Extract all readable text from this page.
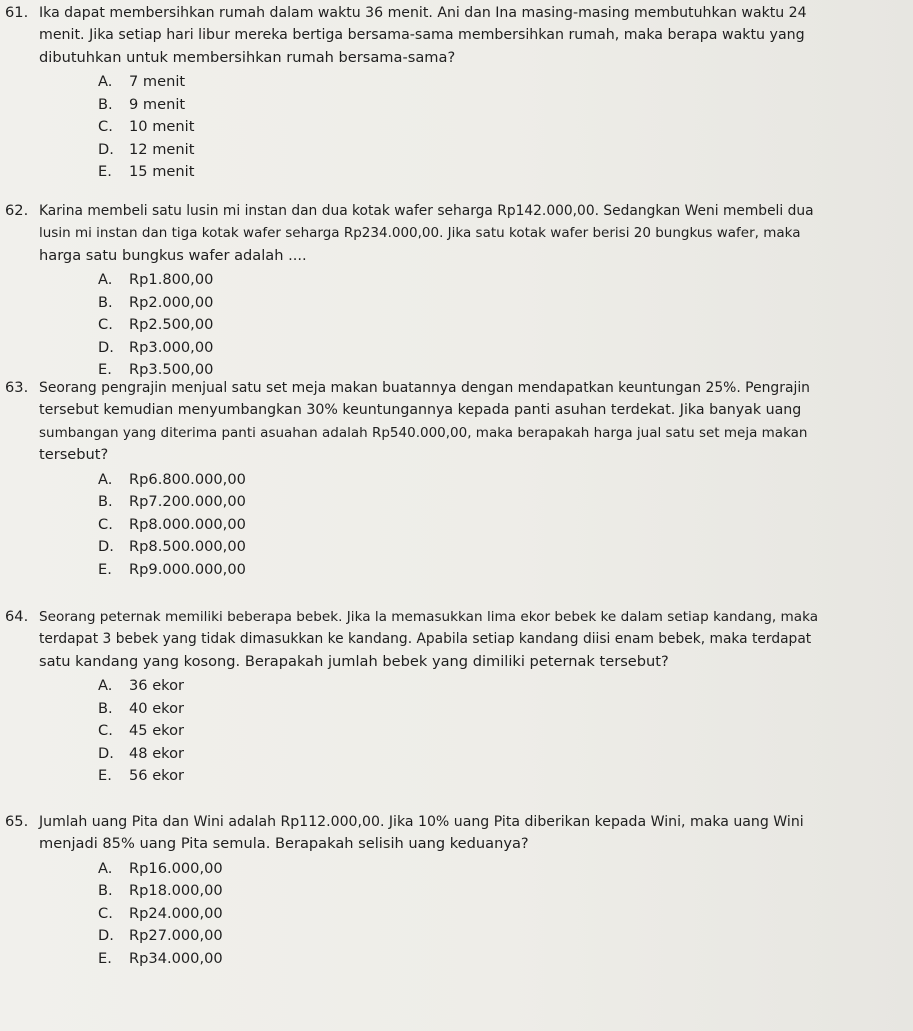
61. Ika dapat membersihkan rumah dalam waktu 36 menit. Ani dan Ina masing-masing membutuhkan waktu 24
menit. Jika setiap hari libur mereka bertiga bersama-sama membersihkan rumah, maka berapa waktu yang
dibutuhkan untuk membersihkan rumah bersama-sama?
A. 7 menit
B. 9 menit
C. 10 menit
D. 12 menit
E. 15 menit
62. Karina membeli satu lusin mi instan dan dua kotak wafer seharga Rp142.000,00. Sedangkan Weni membeli dua
lusin mi instan dan tiga kotak wafer seharga Rp234.000,00. Jika satu kotak wafer berisi 20 bungkus wafer, maka
harga satu bungkus wafer adalah ....
A. Rp1.800,00
B. Rp2.000,00
C. Rp2.500,00
D. Rp3.000,00
E. Rp3.500,00
63. Seorang pengrajin menjual satu set meja makan buatannya dengan mendapatkan keuntungan 25%. Pengrajin
tersebut kemudian menyumbangkan 30% keuntungannya kepada panti asuhan terdekat. Jika banyak uang
sumbangan yang diterima panti asuahan adalah Rp540.000,00, maka berapakah harga jual satu set meja makan
tersebut?
A. Rp6.800.000,00
B. Rp7.200.000,00
C. Rp8.000.000,00
D. Rp8.500.000,00
E. Rp9.000.000,00
64. Seorang peternak memiliki beberapa bebek. Jika la memasukkan lima ekor bebek ke dalam setiap kandang, maka
terdapat 3 bebek yang tidak dimasukkan ke kandang. Apabila setiap kandang diisi enam bebek, maka terdapat
satu kandang yang kosong. Berapakah jumlah bebek yang dimiliki peternak tersebut?
A. 36 ekor
B. 40 ekor
C. 45 ekor
D. 48 ekor
E. 56 ekor
65. Jumlah uang Pita dan Wini adalah Rp112.000,00. Jika 10% uang Pita diberikan kepada Wini, maka uang Wini
menjadi 85% uang Pita semula. Berapakah selisih uang keduanya?
A. Rp16.000,00
B. Rp18.000,00
C. Rp24.000,00
D. Rp27.000,00
E. Rp34.000,00
